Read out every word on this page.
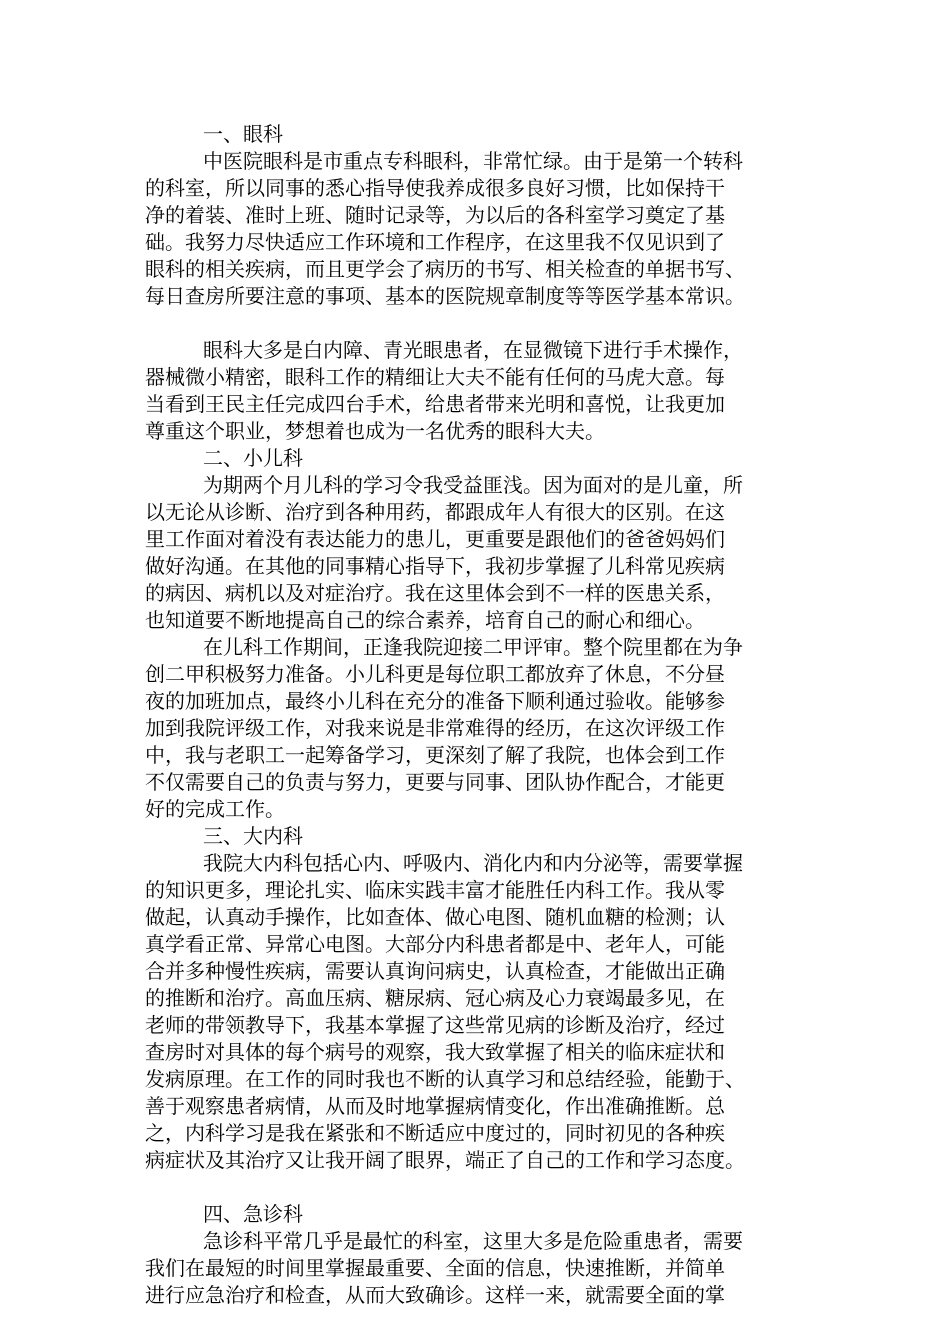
一、眼科
中医院眼科是市重点专科眼科，非常忙绿。由于是第一个转科
的科室，所以同事的悉心指导使我养成很多良好习惯，比如保持干
净的着装、准时上班、随时记录等，为以后的各科室学习奠定了基
础。我努力尽快适应工作环境和工作程序，在这里我不仅见识到了
眼科的相关疾病，而且更学会了病历的书写、相关检查的单据书写、
每日查房所要注意的事项、基本的医院规章制度等等医学基本常识。
眼科大多是白内障、青光眼患者，在显微镜下进行手术操作，
器械微小精密，眼科工作的精细让大夫不能有任何的马虎大意。每
当看到王民主任完成四台手术，给患者带来光明和喜悦，让我更加
尊重这个职业，梦想着也成为一名优秀的眼科大夫。
二、小儿科
为期两个月儿科的学习令我受益匪浅。因为面对的是儿童，所
以无论从诊断、治疗到各种用药，都跟成年人有很大的区别。在这
里工作面对着没有表达能力的患儿，更重要是跟他们的爸爸妈妈们
做好沟通。在其他的同事精心指导下，我初步掌握了儿科常见疾病
的病因、病机以及对症治疗。我在这里体会到不一样的医患关系，
也知道要不断地提高自己的综合素养，培育自己的耐心和细心。
在儿科工作期间，正逢我院迎接二甲评审。整个院里都在为争
创二甲积极努力准备。小儿科更是每位职工都放弃了休息，不分昼
夜的加班加点，最终小儿科在充分的准备下顺利通过验收。能够参
加到我院评级工作，对我来说是非常难得的经历，在这次评级工作
中，我与老职工一起筹备学习，更深刻了解了我院，也体会到工作
不仅需要自己的负责与努力，更要与同事、团队协作配合，才能更
好的完成工作。
三、大内科
我院大内科包括心内、呼吸内、消化内和内分泌等，需要掌握
的知识更多，理论扎实、临床实践丰富才能胜任内科工作。我从零
做起，认真动手操作，比如查体、做心电图、随机血糖的检测；认
真学看正常、异常心电图。大部分内科患者都是中、老年人，可能
合并多种慢性疾病，需要认真询问病史，认真检查，才能做出正确
的推断和治疗。高血压病、糖尿病、冠心病及心力衰竭最多见，在
老师的带领教导下，我基本掌握了这些常见病的诊断及治疗，经过
查房时对具体的每个病号的观察，我大致掌握了相关的临床症状和
发病原理。在工作的同时我也不断的认真学习和总结经验，能勤于、
善于观察患者病情，从而及时地掌握病情变化，作出准确推断。总
之，内科学习是我在紧张和不断适应中度过的，同时初见的各种疾
病症状及其治疗又让我开阔了眼界，端正了自己的工作和学习态度。
四、急诊科
急诊科平常几乎是最忙的科室，这里大多是危险重患者，需要
我们在最短的时间里掌握最重要、全面的信息，快速推断，并简单
进行应急治疗和检查，从而大致确诊。这样一来，就需要全面的掌
